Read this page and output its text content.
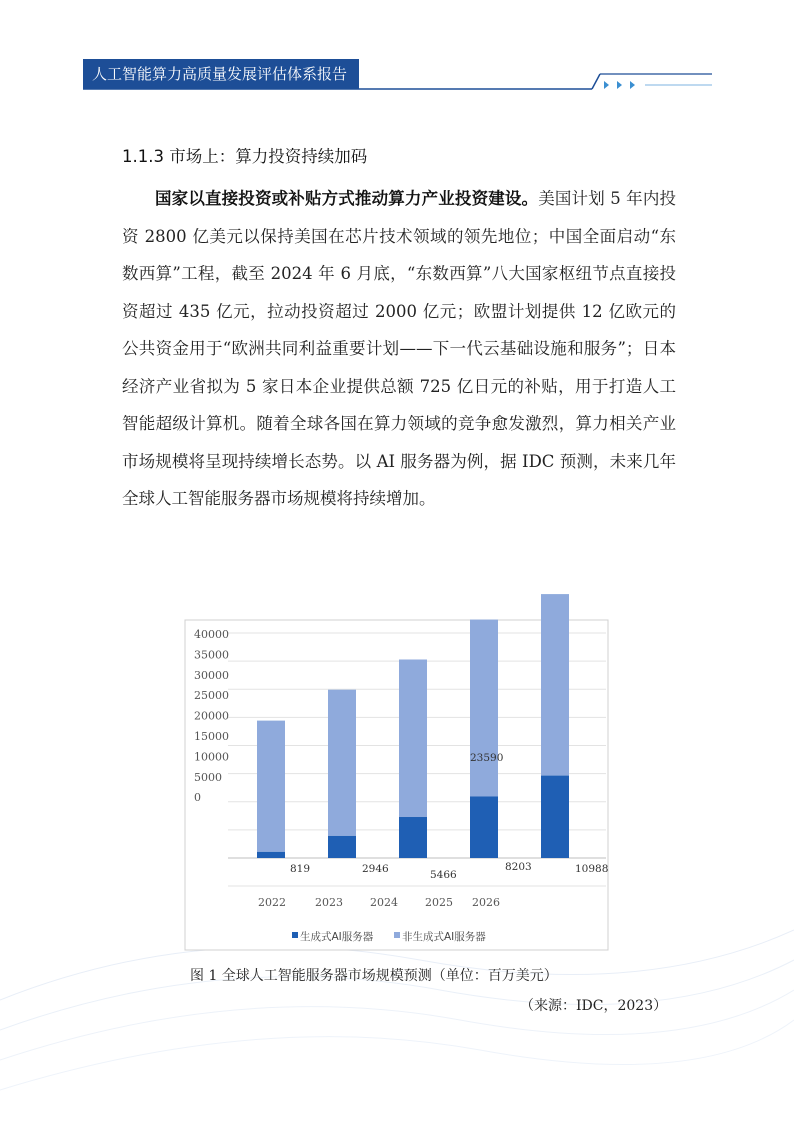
人工智能算力高质量发展评估体系报告
1.1.3 市场上：算力投资持续加码

国家以直接投资或补贴方式推动算力产业投资建设。美国计划 5 年内投资 2800 亿美元以保持美国在芯片技术领域的领先地位；中国全面启动“东数西算”工程，截至 2024 年 6 月底，“东数西算”八大国家枢纽节点直接投资超过 435 亿元，拉动投资超过 2000 亿元；欧盟计划提供 12 亿欧元的公共资金用于“欧洲共同利益重要计划——下一代云基础设施和服务”；日本经济产业省拟为 5 家日本企业提供总额 725 亿日元的补贴，用于打造人工智能超级计算机。随着全球各国在算力领域的竞争愈发激烈，算力相关产业市场规模将呈现持续增长态势。以 AI 服务器为例，据 IDC 预测，未来几年全球人工智能服务器市场规模将持续增加。

40000
35000
30000
25000
20000
15000
10000
5000
0
819	2946	5466
8203	10988
23590
2022	2023 2024 2025 2026
生成式AI服务器	非生成式AI服务器
图 1 全球人工智能服务器市场规模预测（单位：百万美元）
（来源：IDC，2023）
